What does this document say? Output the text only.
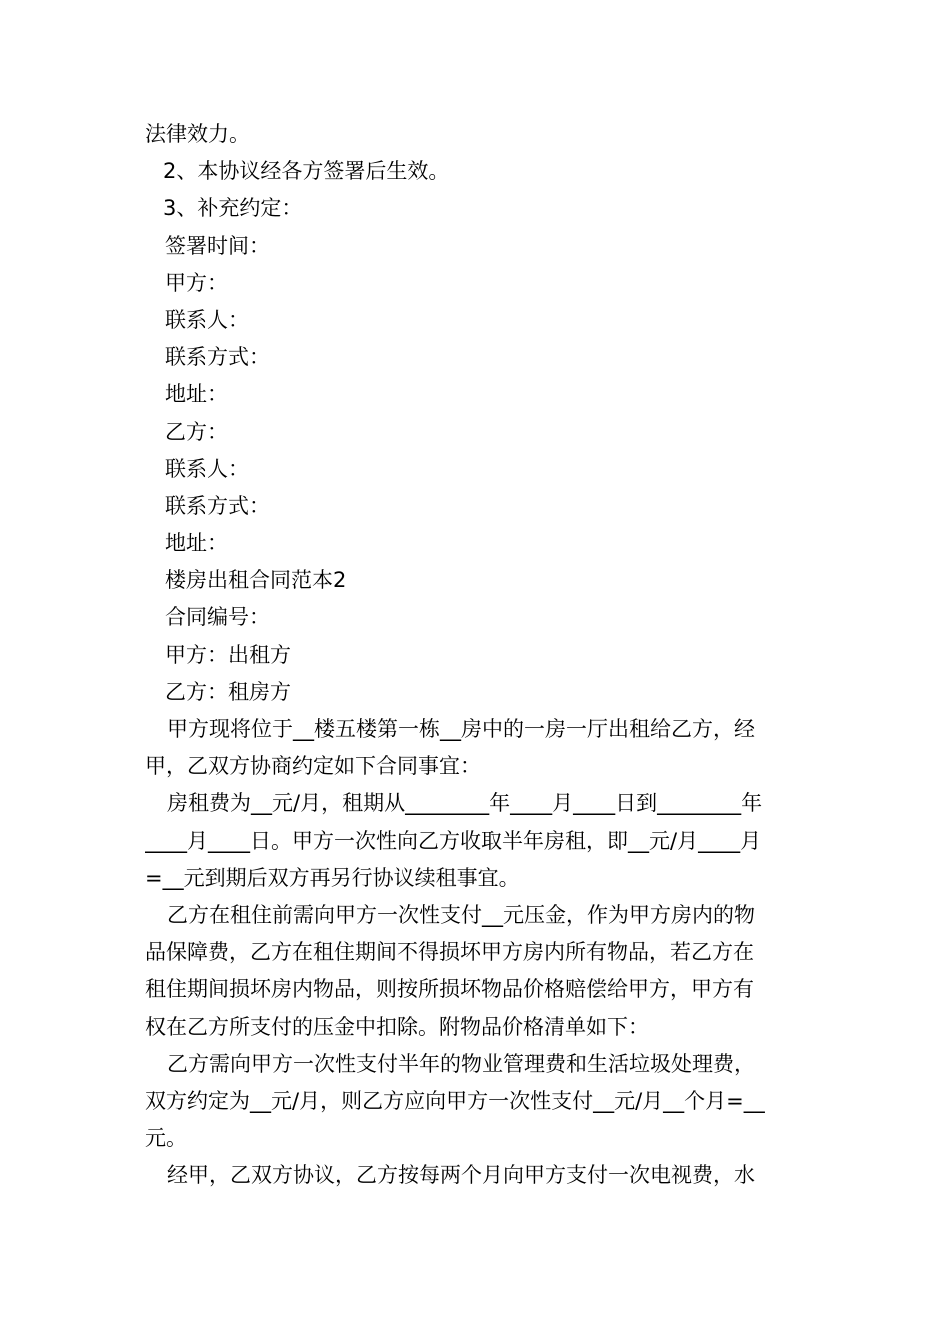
法律效力。
2、本协议经各方签署后生效。
3、补充约定：
签署时间：
甲方：
联系人：
联系方式：
地址：
乙方：
联系人：
联系方式：
地址：
楼房出租合同范本2
合同编号：
甲方：出租方
乙方：租房方
甲方现将位于__楼五楼第一栋__房中的一房一厅出租给乙方，经
甲，乙双方协商约定如下合同事宜：
房租费为__元/月，租期从________年____月____日到________年
____月____日。甲方一次性向乙方收取半年房租，即__元/月____月
=__元到期后双方再另行协议续租事宜。
乙方在租住前需向甲方一次性支付__元压金，作为甲方房内的物
品保障费，乙方在租住期间不得损坏甲方房内所有物品，若乙方在
租住期间损坏房内物品，则按所损坏物品价格赔偿给甲方，甲方有
权在乙方所支付的压金中扣除。附物品价格清单如下：
乙方需向甲方一次性支付半年的物业管理费和生活垃圾处理费，
双方约定为__元/月，则乙方应向甲方一次性支付__元/月__个月=__
元。
经甲，乙双方协议，乙方按每两个月向甲方支付一次电视费，水
